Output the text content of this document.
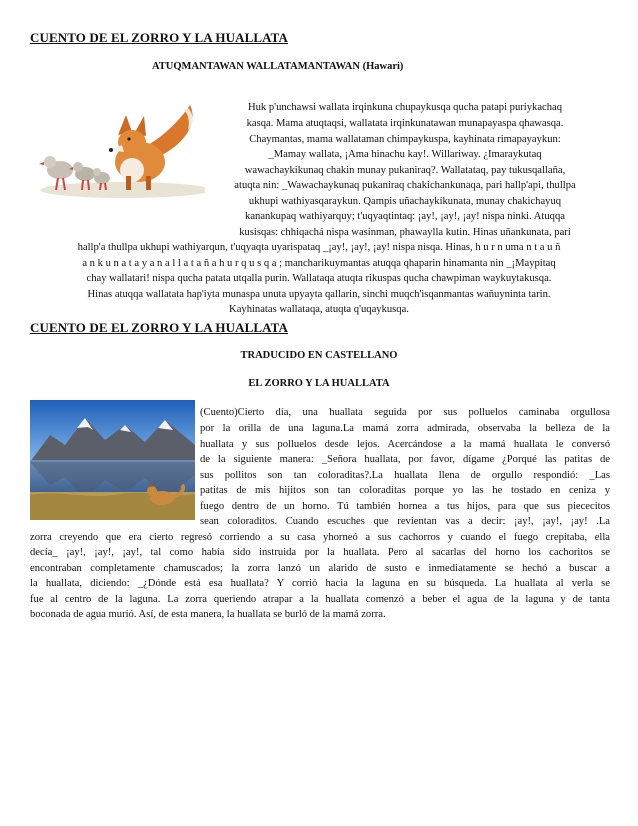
CUENTO DE EL ZORRO Y LA HUALLATA
ATUQMANTAWAN WALLATAMANTAWAN (Hawari)
Huk p'unchawsi wallata irqinkuna chupaykusqa qucha patapi puriykachaq
kasqa. Mama atuqtaqsi, wallatata irqinkunatawan munapayaspa qhawasqa.
Chaymantas, mama wallataman chimpaykuspa, kayhinata rimapayaykun:
_Mamay wallata, ¡Ama hinachu kay!. Willariway. ¿Imaraykutaq
wawachaykikunaq chakin munay pukaniraq?. Wallatataq, pay tukusqallaña,
atuqta nin: _Wawachaykunaq pukaniraq chakichankunaqa, pari hallp'api, thullpa
ukhupi wathiyasqaraykun. Qampis uñachaykikunata, munay chakichayuq
kanankupaq wathiyarquy; t'uqyaqtintaq: ¡ay!, ¡ay!, ¡ay! nispa ninki. Atuqqa
kusisqas: chhiqachá nispa wasinman, phawaylla kutin. Hinas uñankunata, pari
hallp'a thullpa ukhupi wathiyarqun, t'uqyaqta uyarispataq _¡ay!, ¡ay!, ¡ay! nispa nisqa. Hinas, h u r n uma n t a u ñ
a n k u n a t a y a n a l l a t a ñ a h u r q u s q a ; mancharikuymantas atuqqa qhaparin hinamanta nin _¡Maypitaq
chay wallatari! nispa qucha patata utqalla purin. Wallataqa atuqta rikuspas qucha chawpiman waykuytakusqa.
Hinas atuqqa wallatata hap'iyta munaspa unuta upyayta qallarin, sinchi muqch'isqanmantas wañuyninta tarin.
Kayhinatas wallataqa, atuqta q'uqaykusqa.
CUENTO DE EL ZORRO Y LA HUALLATA
TRADUCIDO EN CASTELLANO
EL ZORRO Y LA HUALLATA
(Cuento)Cierto día, una huallata seguida por sus polluelos caminaba orgullosa
por la orilla de una laguna.La mamá zorra admirada, observaba la belleza de la
huallata y sus polluelos desde lejos. Acercándose a la mamá huallata le conversó
de la siguiente manera: _Señora huallata, por favor, dígame ¿Porqué las patitas de
sus pollitos son tan coloraditas?.La huallata llena de orgullo respondió: _Las
patitas de mis hijitos son tan coloraditas porque yo las he tostado en ceniza y
fuego dentro de un horno. Tú también hornea a tus hijos, para que sus piececitos
sean coloraditos. Cuando escuches que revientan vas a decir: ¡ay!, ¡ay!, ¡ay! .La
zorra creyendo que era cierto regresó corriendo a su casa yhorneó a sus cachorros y cuando el fuego crepitaba, ella
decía_ ¡ay!, ¡ay!, ¡ay!, tal como había sido instruida por la huallata. Pero al sacarlas del horno los cachoritos se
encontraban completamente chamuscados; la zorra lanzó un alarido de susto e inmediatamente se hechó a buscar a
la huallata, diciendo: _¿Dónde está esa huallata? Y corrió hacia la laguna en su búsqueda. La huallata al verla se
fue al centro de la laguna. La zorra queriendo atrapar a la huallata comenzó a beber el agua de la laguna y de tanta
boconada de agua murió. Así, de esta manera, la huallata se burló de la mamá zorra.
